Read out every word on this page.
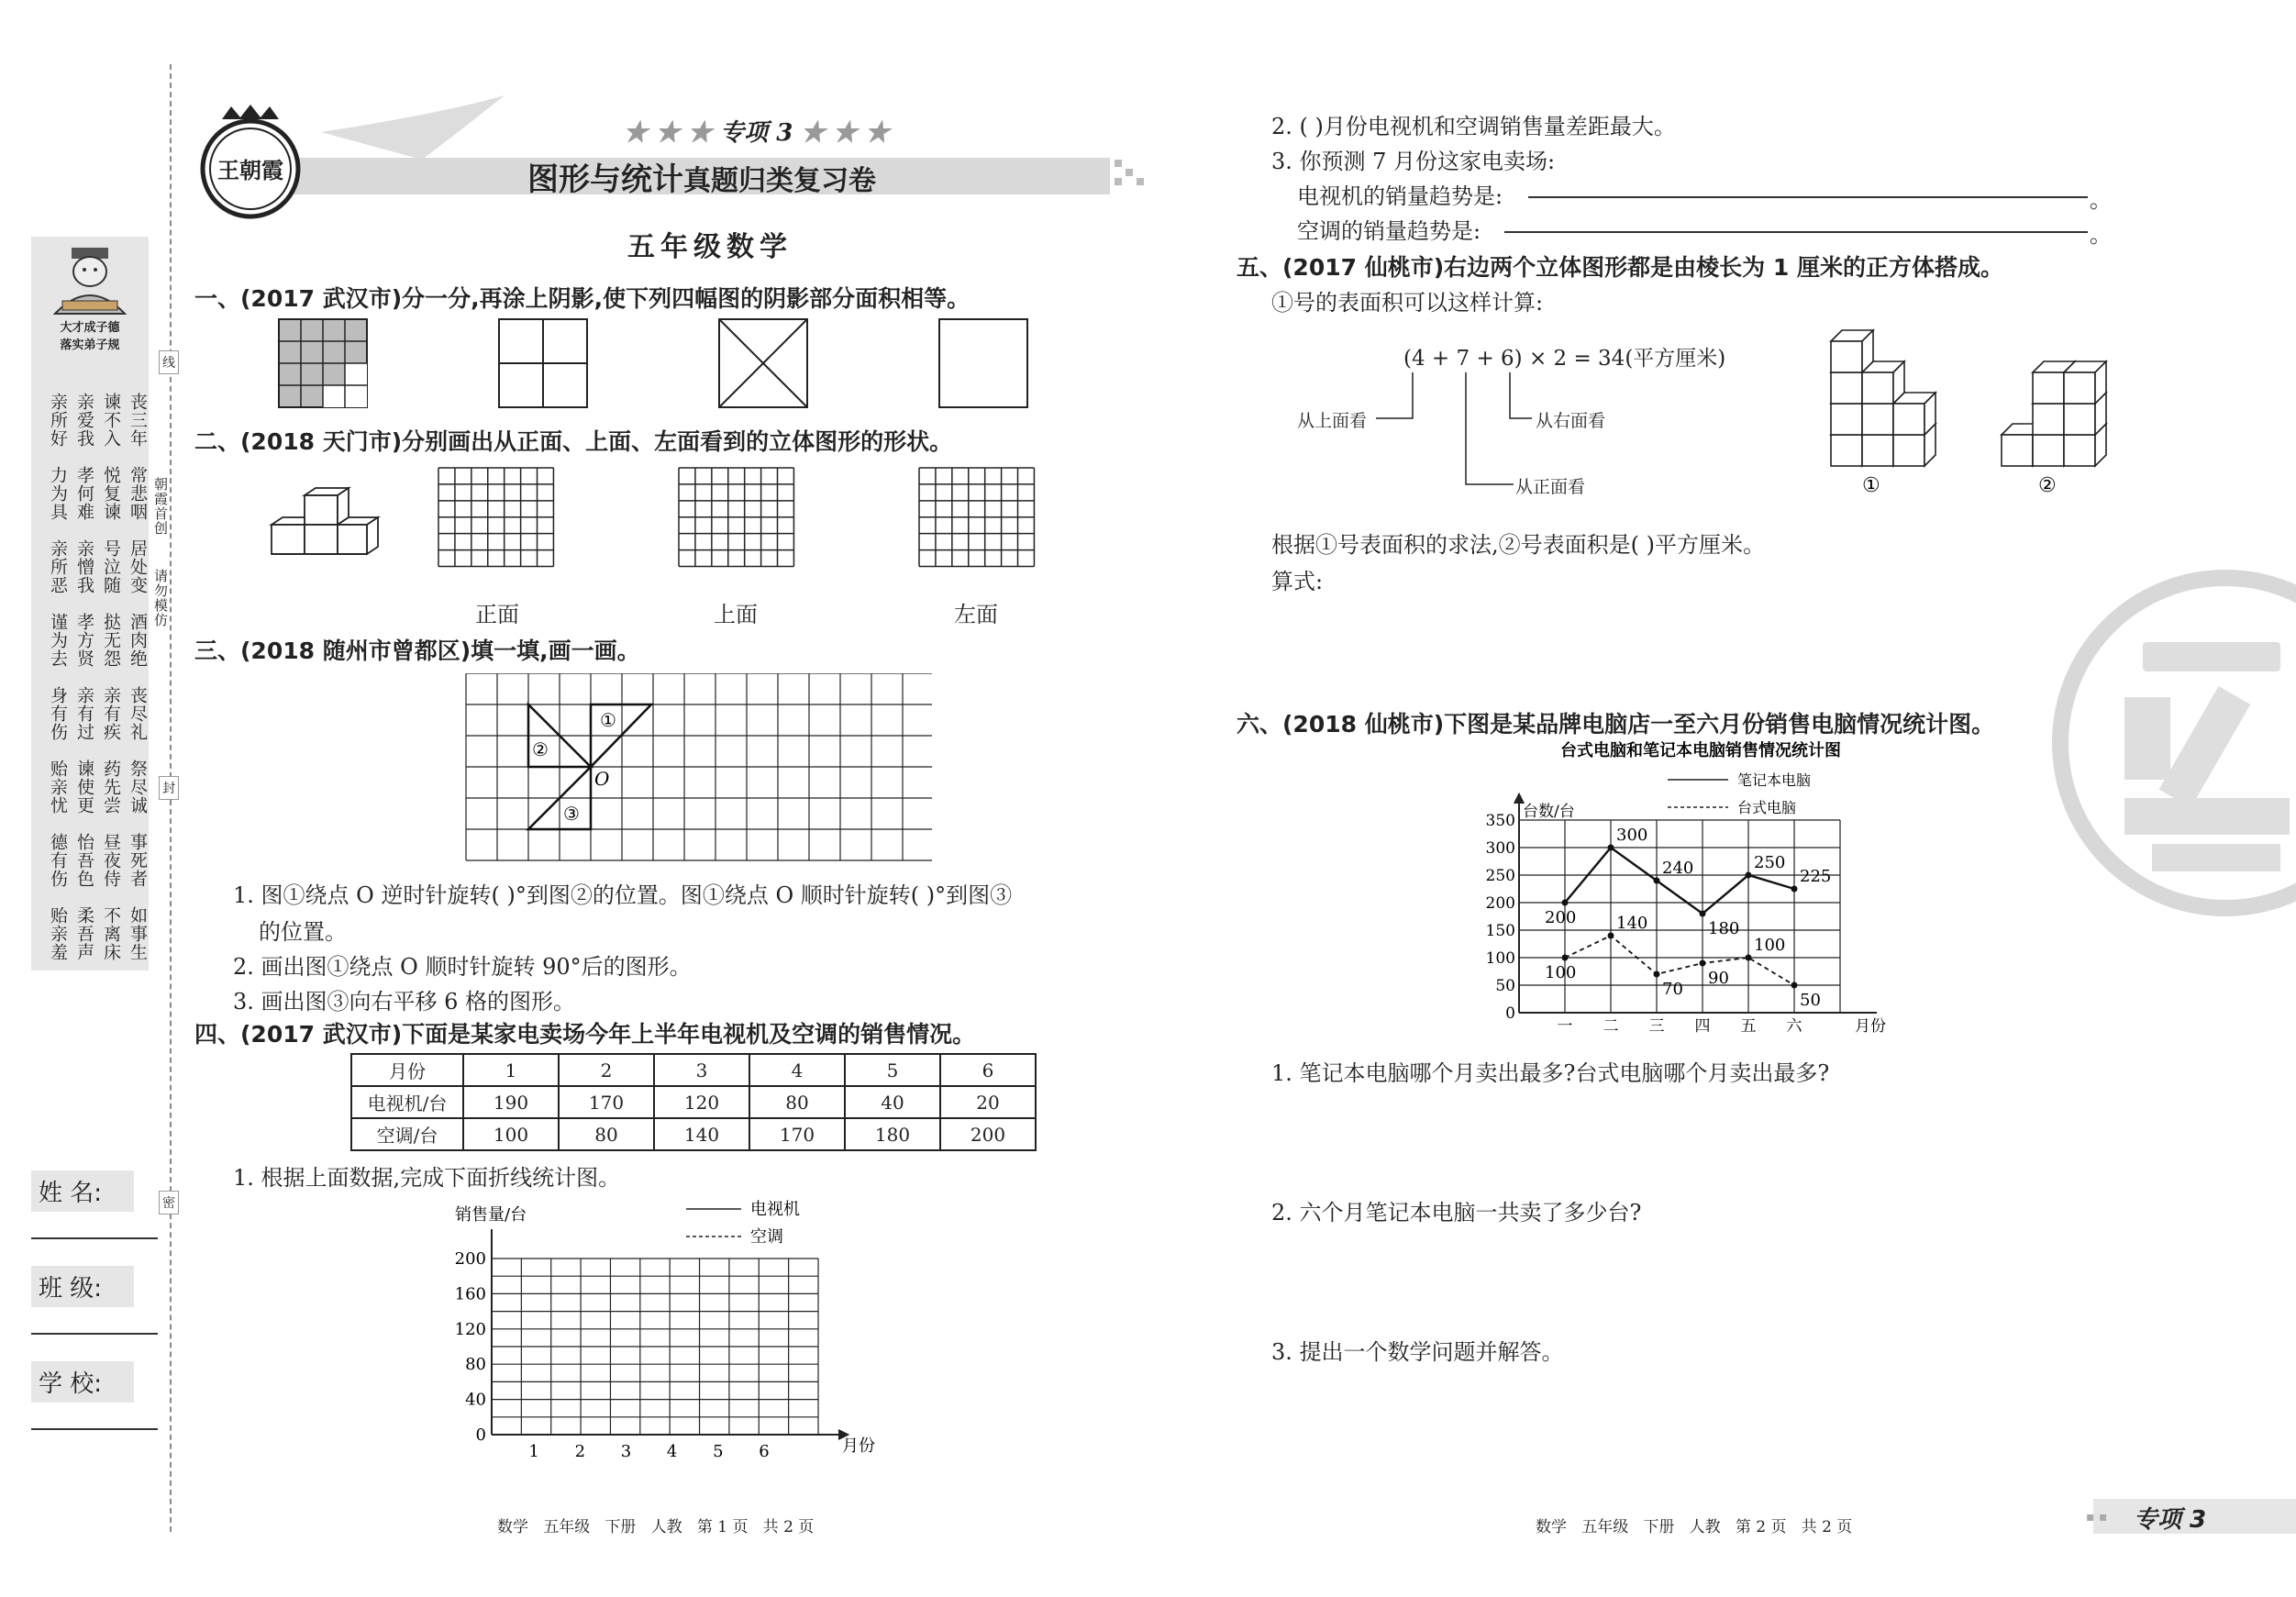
大才成子德
落实弟子规
丧三年
谏不入
亲爱我
亲所好
常悲咽
悦复谏
孝何难
力为具
居处变
号泣随
亲憎我
亲所恶
酒肉绝
挞无怨
孝方贤
谨为去
丧尽礼
亲有疾
亲有过
身有伤
祭尽诚
药先尝
谏使更
贻亲忧
事死者
昼夜侍
怡吾色
德有伤
如事生
不离床
柔吾声
贻亲羞
朝霞首创
请勿模仿
线
封
密
姓 名:
班 级:
学 校:
王朝霞
★ ★ ★ 专项 3 ★ ★ ★
图形与统计真题归类复习卷
五年级数学
一、(2017 武汉市)分一分,再涂上阴影,使下列四幅图的阴影部分面积相等。
二、(2018 天门市)分别画出从正面、上面、左面看到的立体图形的形状。
正面	上面	左面
三、(2018 随州市曾都区)填一填,画一画。
①
②
③
O
1. 图①绕点 O 逆时针旋转( )°到图②的位置。图①绕点 O 顺时针旋转( )°到图③
的位置。
2. 画出图①绕点 O 顺时针旋转 90°后的图形。
3. 画出图③向右平移 6 格的图形。
四、(2017 武汉市)下面是某家电卖场今年上半年电视机及空调的销售情况。
月份	1	2	3	4	5	6
电视机/台	190	170	120	80	40	20
空调/台	100	80	140	170	180	200
1. 根据上面数据,完成下面折线统计图。
销售量/台
月份
0
40
80
120
160
200
1 2 3 4 5 6
电视机
空调
2. ( )月份电视机和空调销售量差距最大。
3. 你预测 7 月份这家电卖场:
电视机的销量趋势是:	。
空调的销量趋势是:	。
五、(2017 仙桃市)右边两个立体图形都是由棱长为 1 厘米的正方体搭成。
①号的表面积可以这样计算:
(4 + 7 + 6) × 2 = 34(平方厘米)
从上面看	从右面看
从正面看	①	②
根据①号表面积的求法,②号表面积是( )平方厘米。
算式:
六、(2018 仙桃市)下图是某品牌电脑店一至六月份销售电脑情况统计图。
台式电脑和笔记本电脑销售情况统计图
台数/台
月份
笔记本电脑
台式电脑
0
50
100
150
200
250
300
350
一 二 三 四 五 六
200
300
240
180
250
225
100
140
70
90
100
50
1. 笔记本电脑哪个月卖出最多?台式电脑哪个月卖出最多?
2. 六个月笔记本电脑一共卖了多少台?
3. 提出一个数学问题并解答。
数学   五年级   下册   人教   第 1 页   共 2 页	数学   五年级   下册   人教   第 2 页   共 2 页
▪ ▪ 专项 3
